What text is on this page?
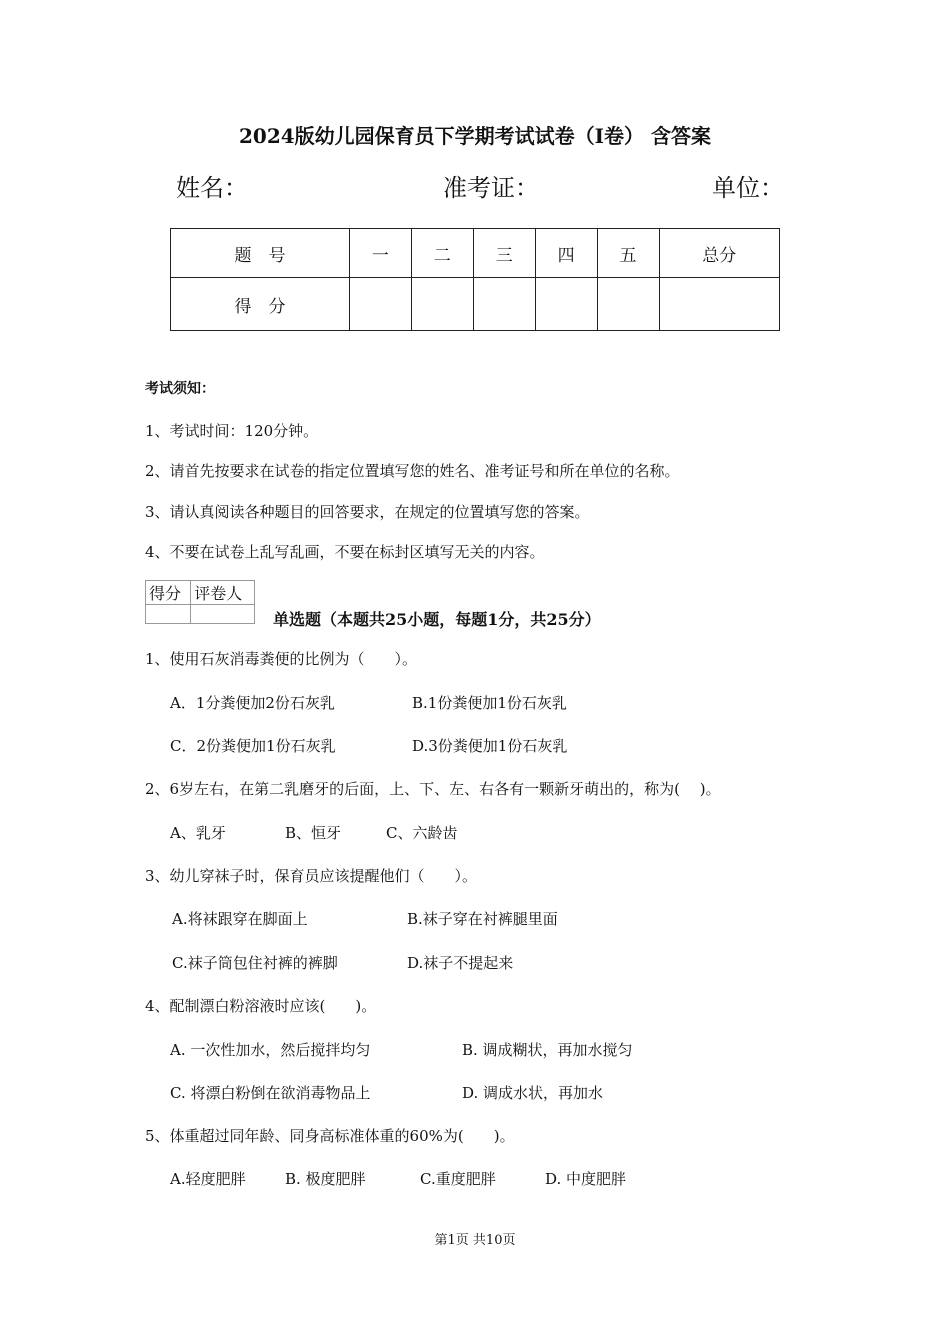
2024版幼儿园保育员下学期考试试卷（I卷） 含答案
姓名：	准考证：	单位：
题　号	一	二	三	四	五	总分
得　分						
考试须知：
1、考试时间：120分钟。
2、请首先按要求在试卷的指定位置填写您的姓名、准考证号和所在单位的名称。
3、请认真阅读各种题目的回答要求，在规定的位置填写您的答案。
4、不要在试卷上乱写乱画，不要在标封区填写无关的内容。
得分	评卷人

单选题（本题共25小题，每题1分，共25分）
1、使用石灰消毒粪便的比例为（　　）。
A．1分粪便加2份石灰乳	B.1份粪便加1份石灰乳
C．2份粪便加1份石灰乳	D.3份粪便加1份石灰乳
2、6岁左右，在第二乳磨牙的后面，上、下、左、右各有一颗新牙萌出的，称为(　 )。
A、乳牙	B、恒牙	C、六龄齿
3、幼儿穿袜子时，保育员应该提醒他们（　　）。
A.将袜跟穿在脚面上	B.袜子穿在衬裤腿里面
C.袜子筒包住衬裤的裤脚	D.袜子不提起来
4、配制漂白粉溶液时应该(　　)。
A. 一次性加水，然后搅拌均匀	B. 调成糊状，再加水搅匀
C. 将漂白粉倒在欲消毒物品上	D. 调成水状，再加水
5、体重超过同年龄、同身高标准体重的60%为(　　)。
A.轻度肥胖	B. 极度肥胖	C.重度肥胖	D. 中度肥胖
第1页 共10页
